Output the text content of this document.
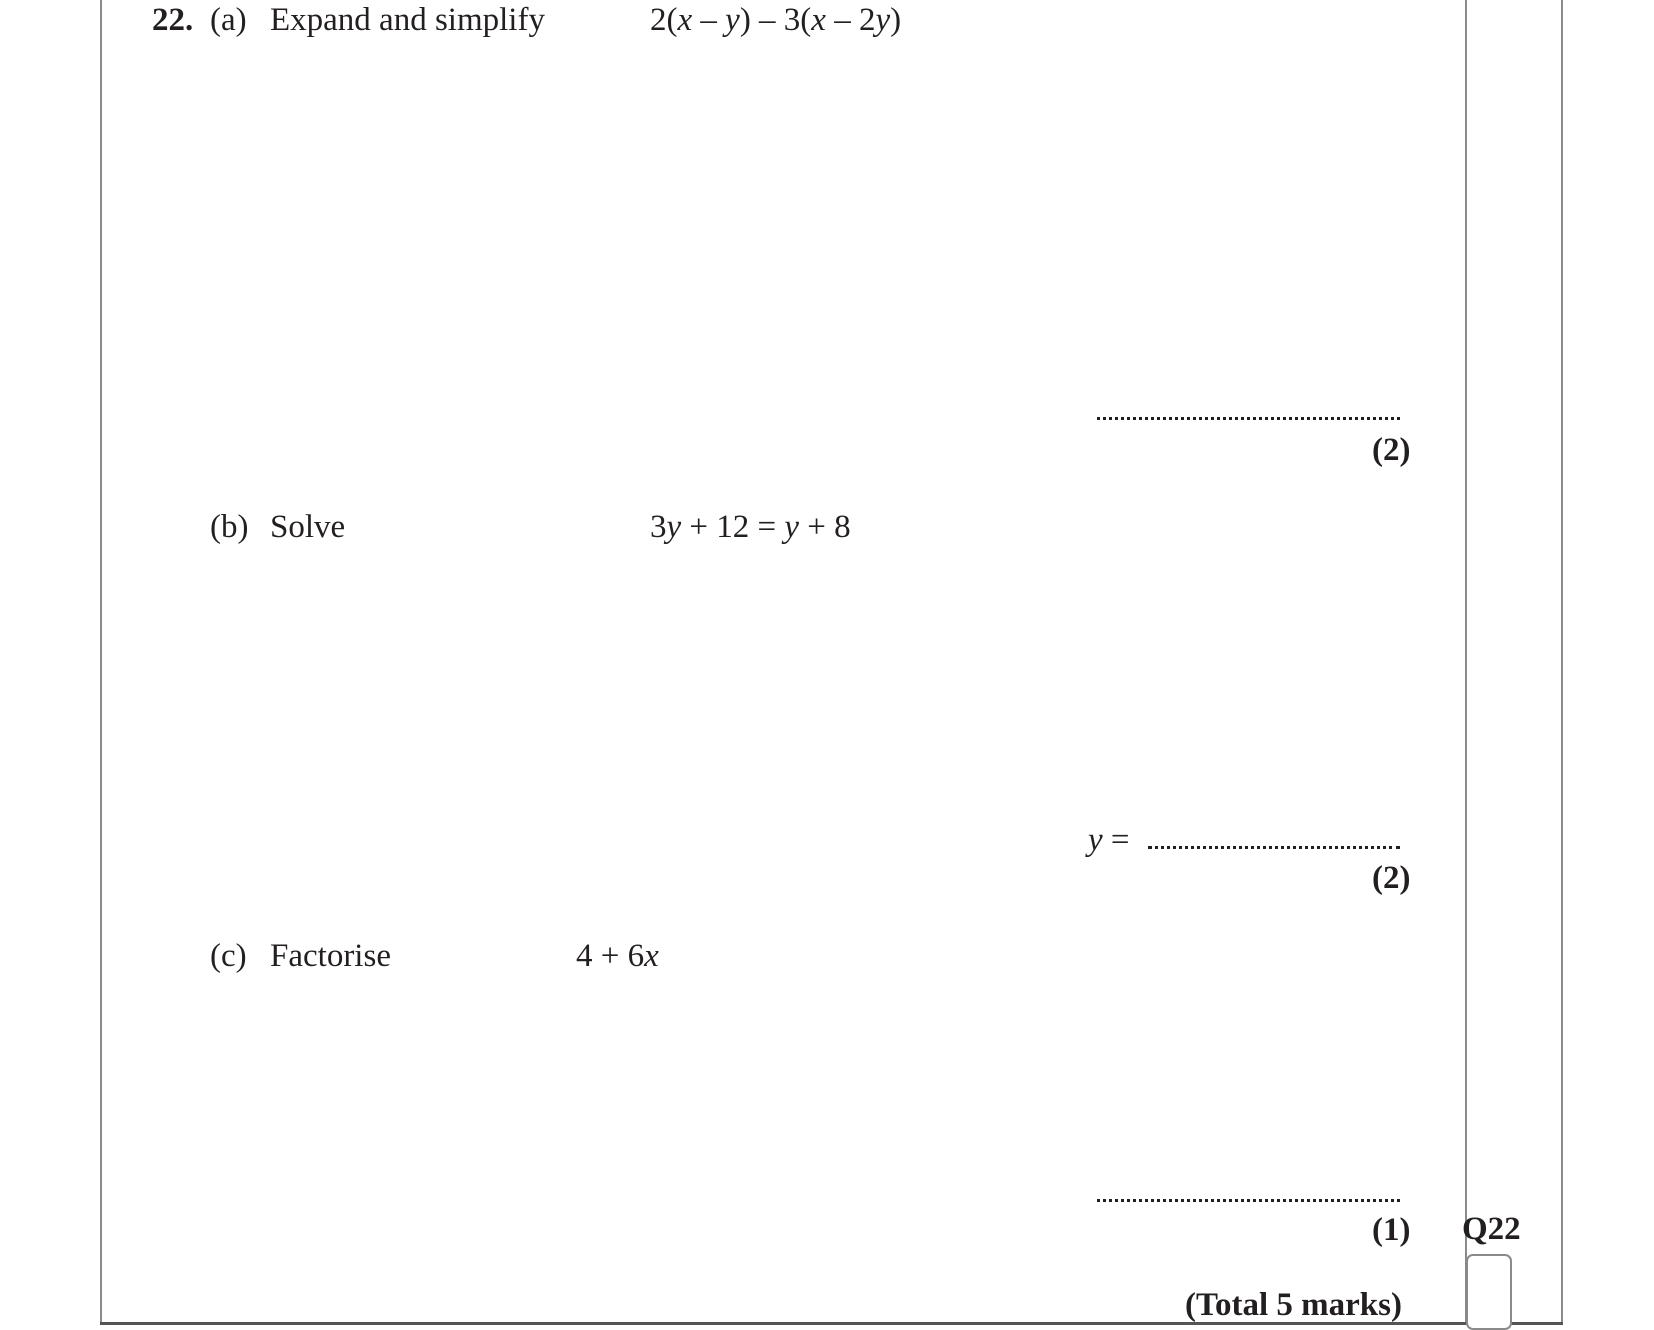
22. (a) Expand and simplify	2(x – y) – 3(x – 2y)
(2)
(b) Solve	3y + 12 = y + 8
y =
(2)
(c) Factorise	4 + 6x
(1)
(Total 5 marks)
Q22
